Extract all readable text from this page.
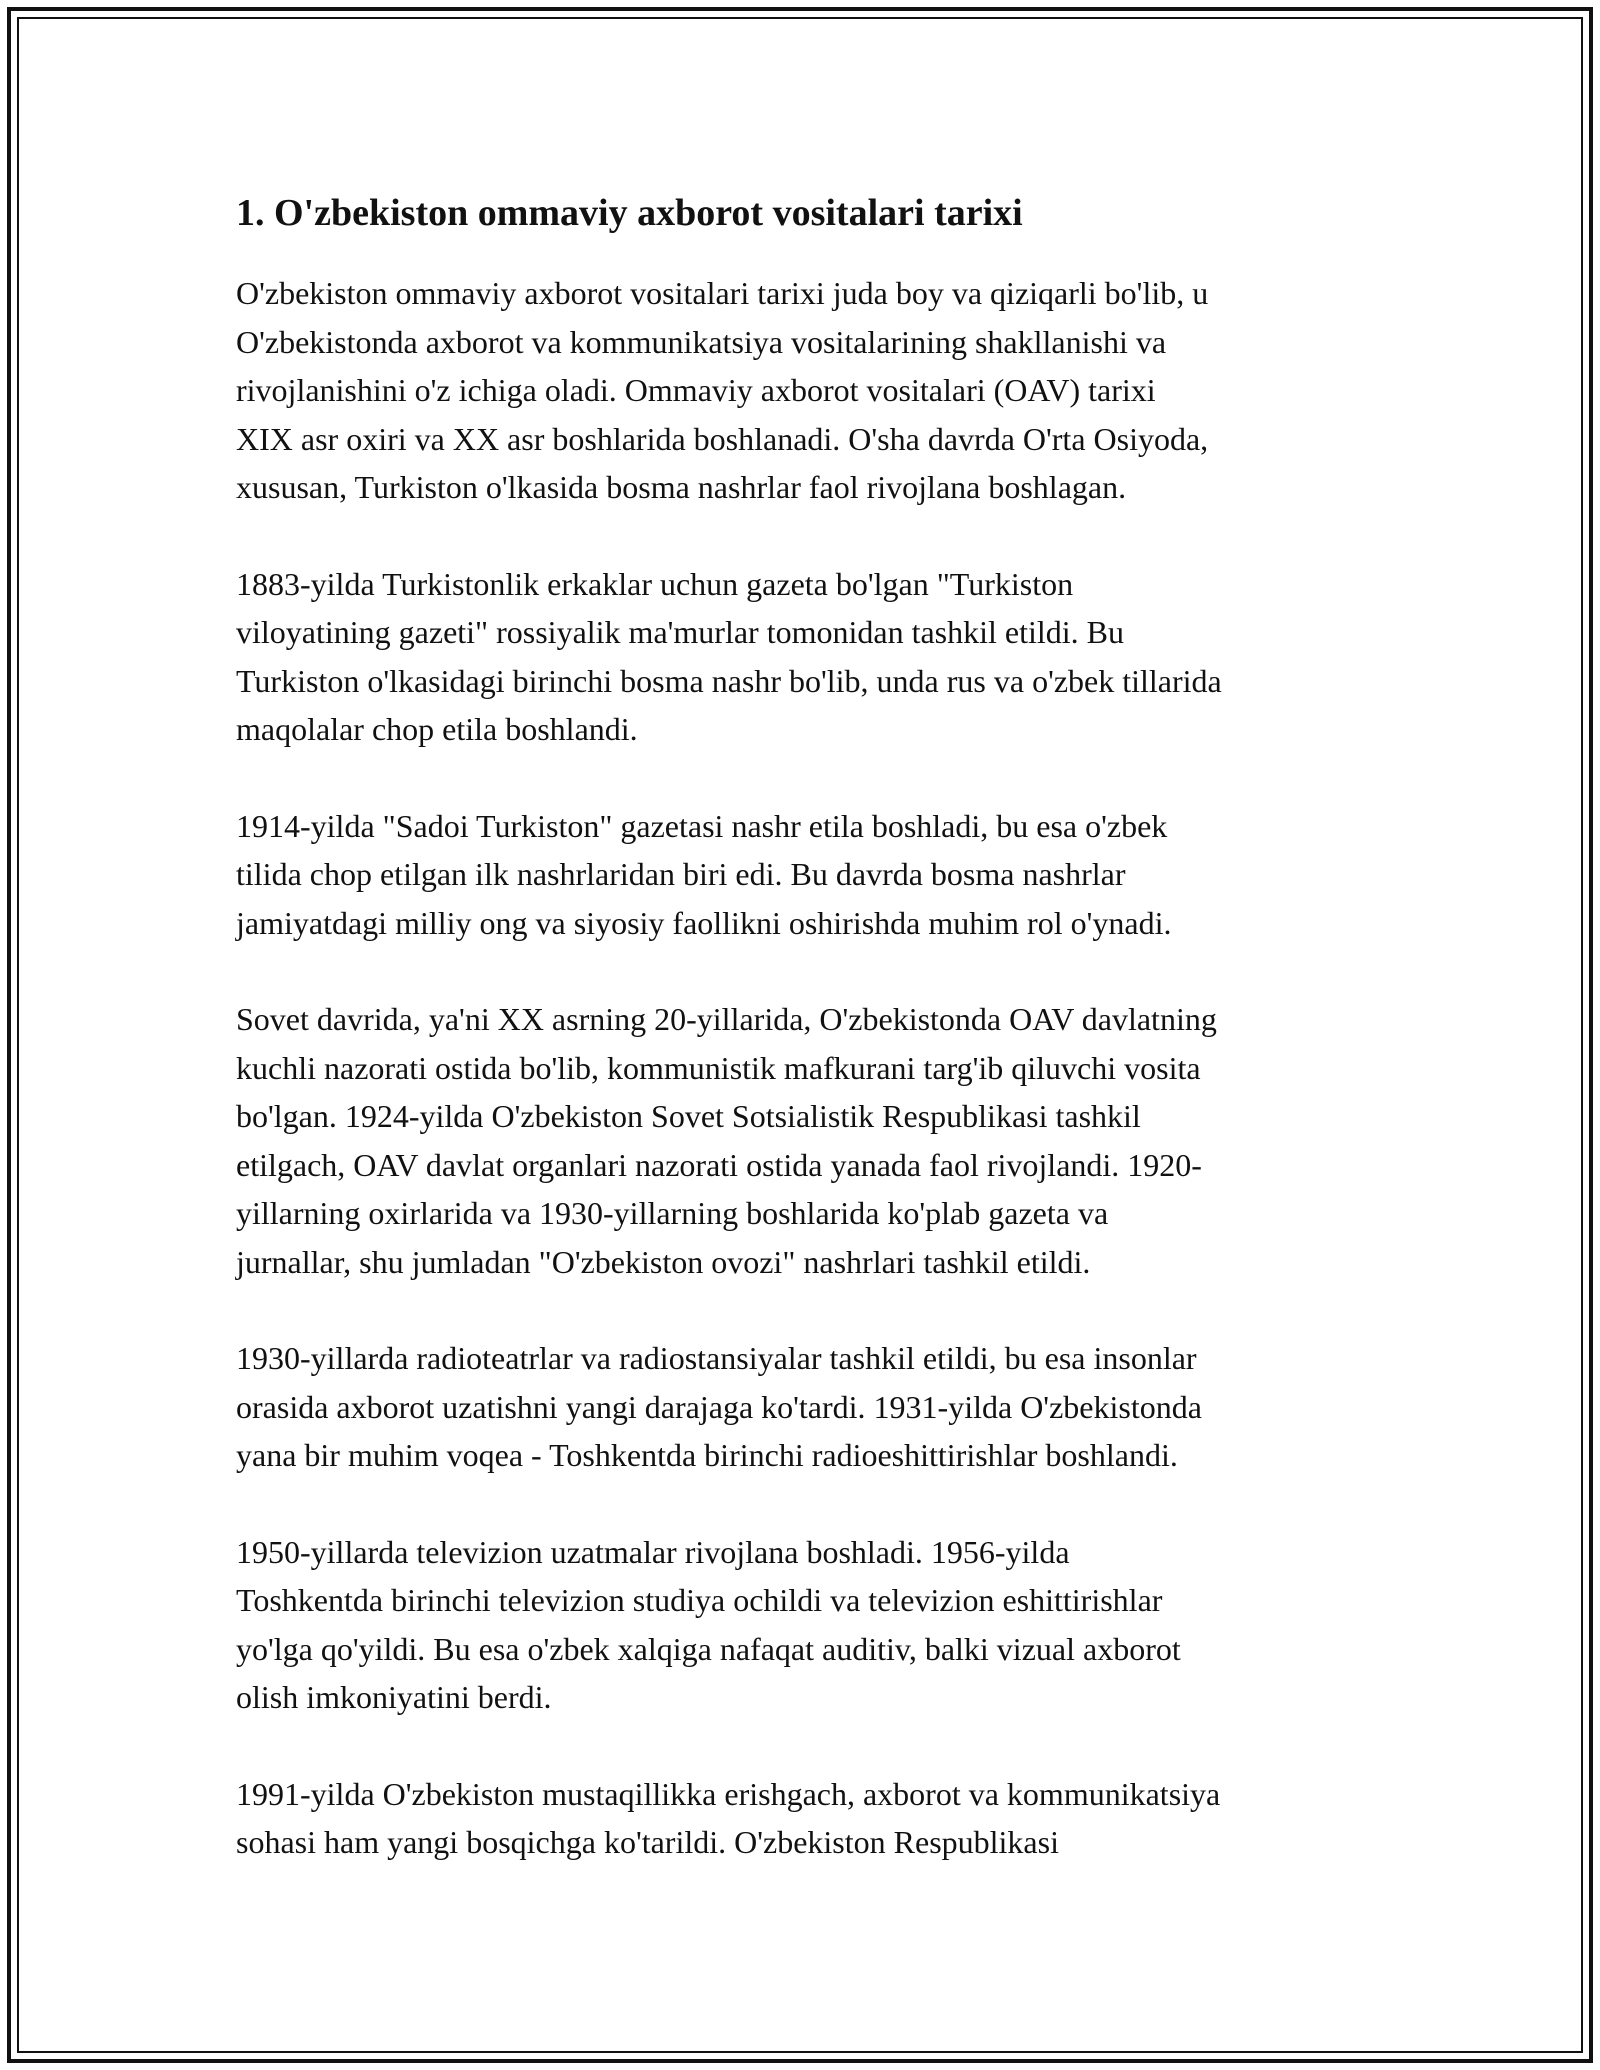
1. O'zbekiston ommaviy axborot vositalari tarixi

O'zbekiston ommaviy axborot vositalari tarixi juda boy va qiziqarli bo'lib, u
O'zbekistonda axborot va kommunikatsiya vositalarining shakllanishi va
rivojlanishini o'z ichiga oladi. Ommaviy axborot vositalari (OAV) tarixi
XIX asr oxiri va XX asr boshlarida boshlanadi. O'sha davrda O'rta Osiyoda,
xususan, Turkiston o'lkasida bosma nashrlar faol rivojlana boshlagan.

1883-yilda Turkistonlik erkaklar uchun gazeta bo'lgan "Turkiston
viloyatining gazeti" rossiyalik ma'murlar tomonidan tashkil etildi. Bu
Turkiston o'lkasidagi birinchi bosma nashr bo'lib, unda rus va o'zbek tillarida
maqolalar chop etila boshlandi.

1914-yilda "Sadoi Turkiston" gazetasi nashr etila boshladi, bu esa o'zbek
tilida chop etilgan ilk nashrlaridan biri edi. Bu davrda bosma nashrlar
jamiyatdagi milliy ong va siyosiy faollikni oshirishda muhim rol o'ynadi.

Sovet davrida, ya'ni XX asrning 20-yillarida, O'zbekistonda OAV davlatning
kuchli nazorati ostida bo'lib, kommunistik mafkurani targ'ib qiluvchi vosita
bo'lgan. 1924-yilda O'zbekiston Sovet Sotsialistik Respublikasi tashkil
etilgach, OAV davlat organlari nazorati ostida yanada faol rivojlandi. 1920-
yillarning oxirlarida va 1930-yillarning boshlarida ko'plab gazeta va
jurnallar, shu jumladan "O'zbekiston ovozi" nashrlari tashkil etildi.

1930-yillarda radioteatrlar va radiostansiyalar tashkil etildi, bu esa insonlar
orasida axborot uzatishni yangi darajaga ko'tardi. 1931-yilda O'zbekistonda
yana bir muhim voqea - Toshkentda birinchi radioeshittirishlar boshlandi.

1950-yillarda televizion uzatmalar rivojlana boshladi. 1956-yilda
Toshkentda birinchi televizion studiya ochildi va televizion eshittirishlar
yo'lga qo'yildi. Bu esa o'zbek xalqiga nafaqat auditiv, balki vizual axborot
olish imkoniyatini berdi.

1991-yilda O'zbekiston mustaqillikka erishgach, axborot va kommunikatsiya
sohasi ham yangi bosqichga ko'tarildi. O'zbekiston Respublikasi
